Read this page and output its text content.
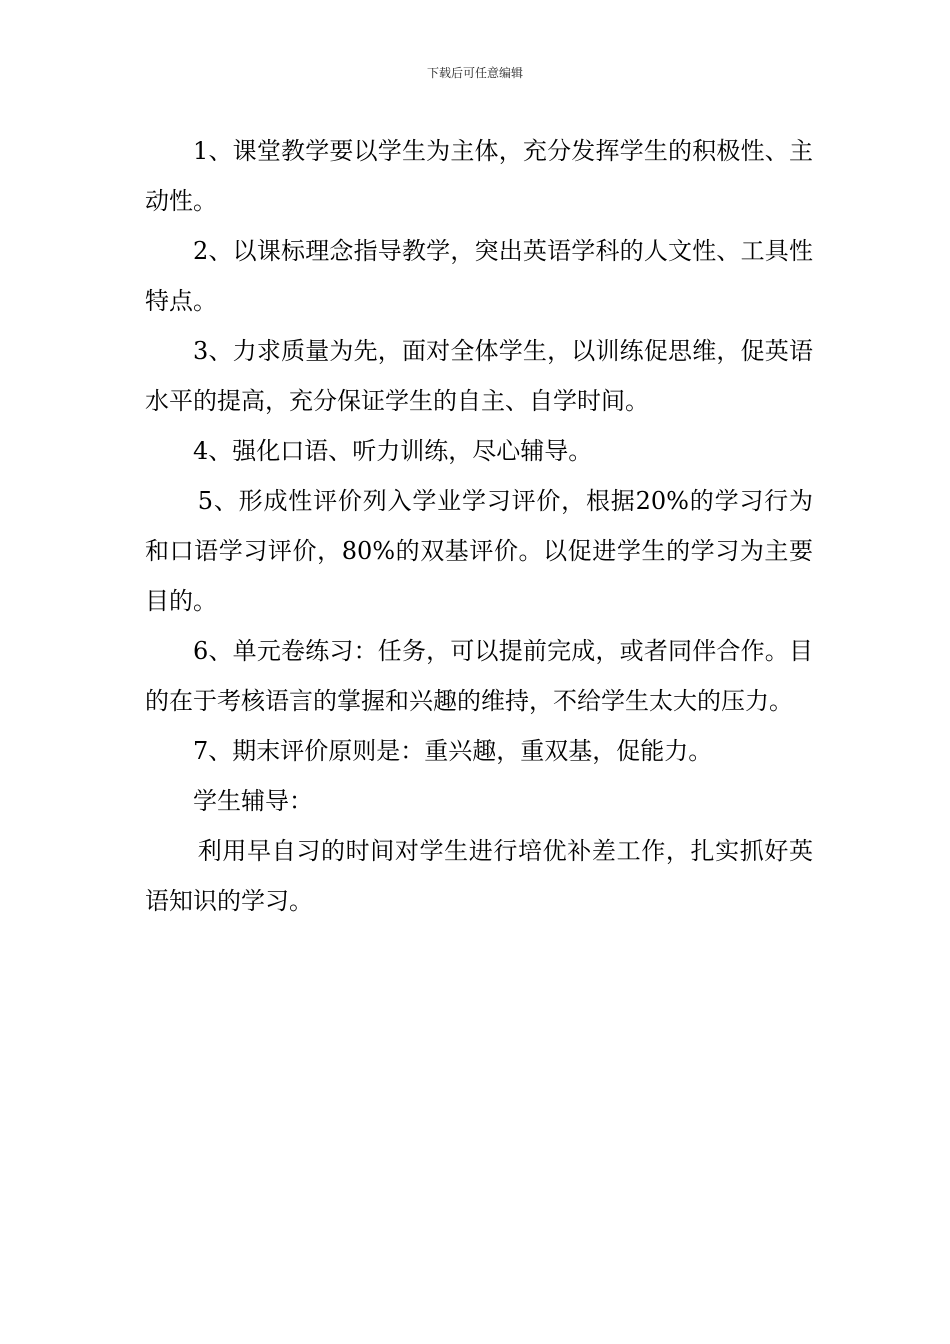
下载后可任意编辑

1、课堂教学要以学生为主体，充分发挥学生的积极性、主动性。

2、以课标理念指导教学，突出英语学科的人文性、工具性特点。

3、力求质量为先，面对全体学生，以训练促思维，促英语水平的提高，充分保证学生的自主、自学时间。

4、强化口语、听力训练，尽心辅导。

5、形成性评价列入学业学习评价，根据20%的学习行为和口语学习评价，80%的双基评价。以促进学生的学习为主要目的。

6、单元卷练习：任务，可以提前完成，或者同伴合作。目的在于考核语言的掌握和兴趣的维持，不给学生太大的压力。

7、期末评价原则是：重兴趣，重双基，促能力。

学生辅导：

利用早自习的时间对学生进行培优补差工作，扎实抓好英语知识的学习。
